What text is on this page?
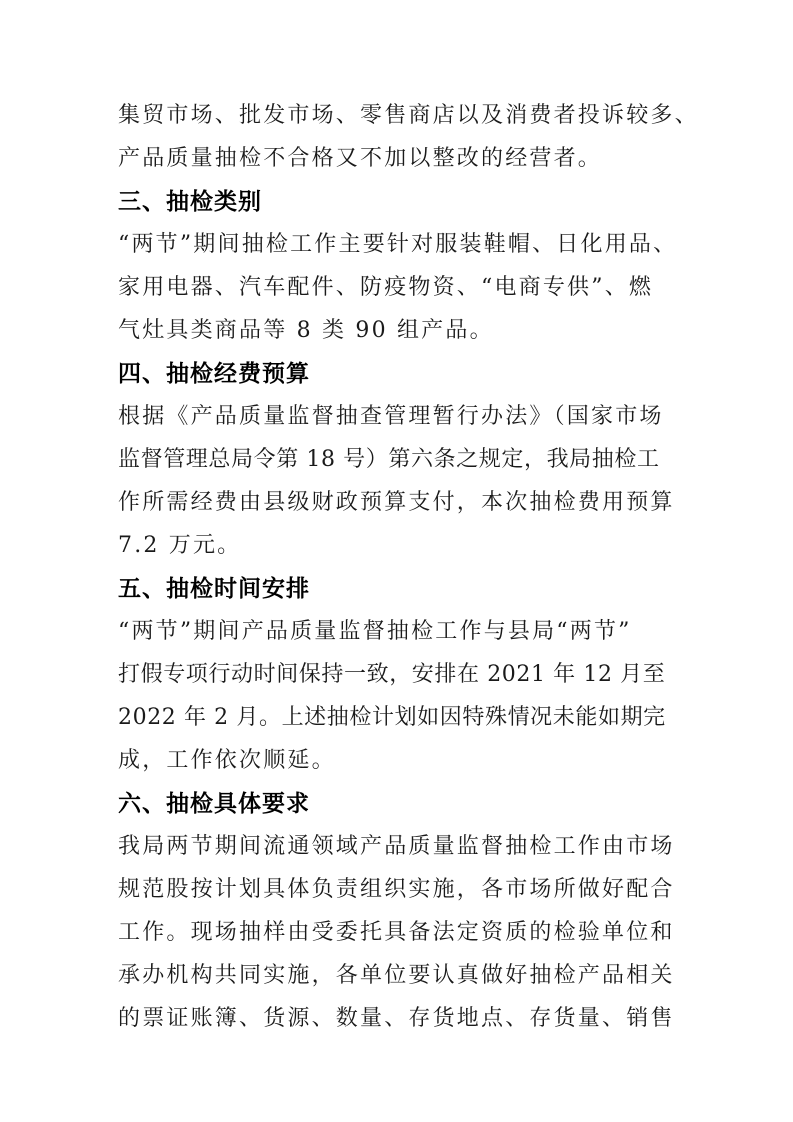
集贸市场、批发市场、零售商店以及消费者投诉较多、
产品质量抽检不合格又不加以整改的经营者。
三、抽检类别
“两节”期间抽检工作主要针对服装鞋帽、日化用品、
家用电器、汽车配件、防疫物资、“电商专供”、燃
气灶具类商品等 8 类 90 组产品。
四、抽检经费预算
根据《产品质量监督抽查管理暂行办法》（国家市场
监督管理总局令第 18 号）第六条之规定，我局抽检工
作所需经费由县级财政预算支付，本次抽检费用预算
7.2 万元。
五、抽检时间安排
“两节”期间产品质量监督抽检工作与县局“两节”
打假专项行动时间保持一致，安排在 2021 年 12 月至
2022 年 2 月。上述抽检计划如因特殊情况未能如期完
成，工作依次顺延。
六、抽检具体要求
我局两节期间流通领域产品质量监督抽检工作由市场
规范股按计划具体负责组织实施，各市场所做好配合
工作。现场抽样由受委托具备法定资质的检验单位和
承办机构共同实施，各单位要认真做好抽检产品相关
的票证账簿、货源、数量、存货地点、存货量、销售
